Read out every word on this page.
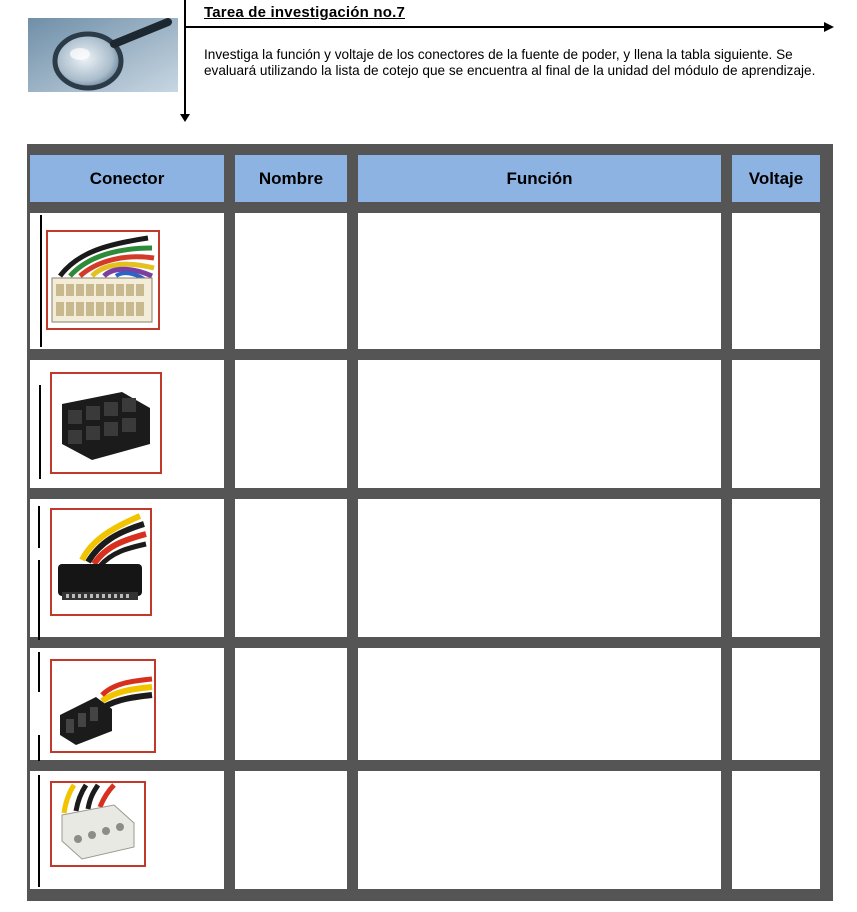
Tarea de investigación no.7
Investiga la función y voltaje de los conectores de la fuente de poder, y llena la tabla siguiente. Se evaluará utilizando la lista de cotejo que se encuentra al final de la unidad del módulo de aprendizaje.
Conector	Nombre	Función	Voltaje
